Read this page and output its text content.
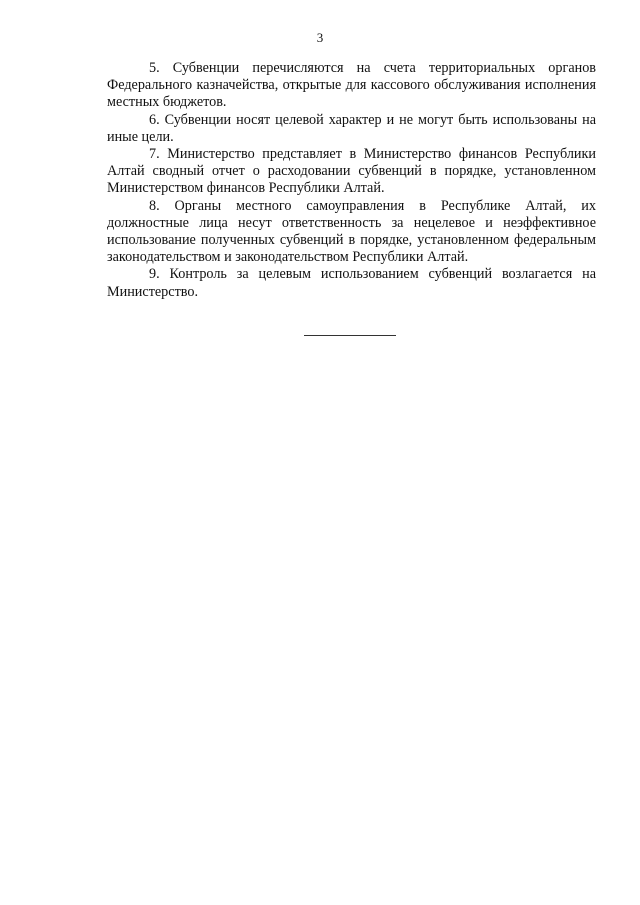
3

5. Субвенции перечисляются на счета территориальных органов Федерального казначейства, открытые для кассового обслуживания исполнения местных бюджетов.

6. Субвенции носят целевой характер и не могут быть использованы на иные цели.

7. Министерство представляет в Министерство финансов Республики Алтай сводный отчет о расходовании субвенций в порядке, установленном Министерством финансов Республики Алтай.

8. Органы местного самоуправления в Республике Алтай, их должностные лица несут ответственность за нецелевое и неэффективное использование полученных субвенций в порядке, установленном федеральным законодательством и законодательством Республики Алтай.

9. Контроль за целевым использованием субвенций возлагается на Министерство.
